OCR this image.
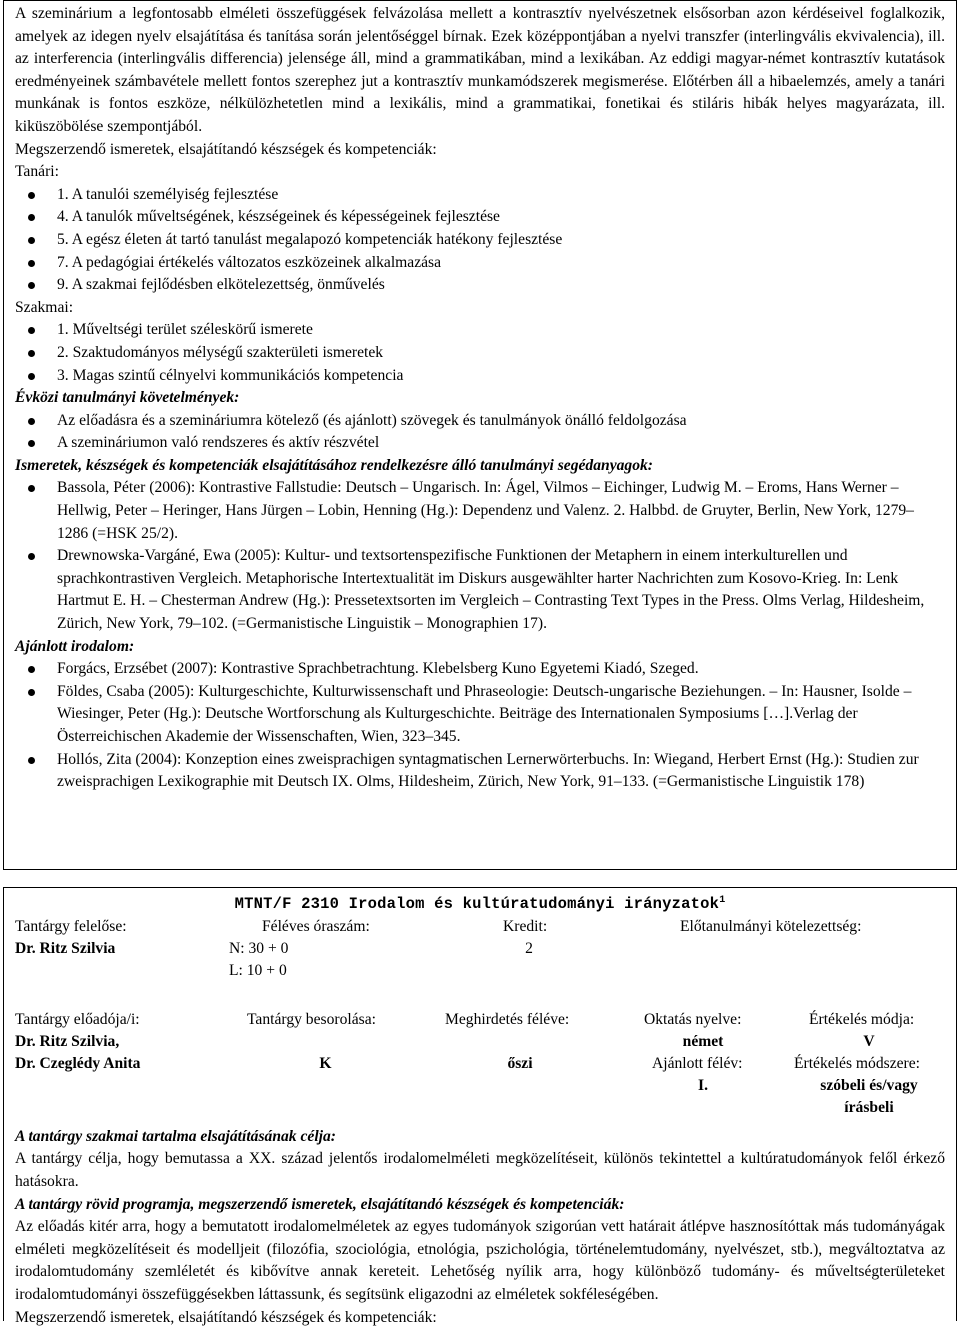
A szeminárium a legfontosabb elméleti összefüggések felvázolása mellett a kontrasztív nyelvészetnek elsősorban azon kérdéseivel foglalkozik, amelyek az idegen nyelv elsajátítása és tanítása során jelentőséggel bírnak. Ezek középpontjában a nyelvi transzfer (interlingvális ekvivalencia), ill. az interferencia (interlingvális differencia) jelensége áll, mind a grammatikában, mind a lexikában. Az eddigi magyar-német kontrasztív kutatások eredményeinek számbavétele mellett fontos szerephez jut a kontrasztív munkamódszerek megismerése. Előtérben áll a hibaelemzés, amely a tanári munkának is fontos eszköze, nélkülözhetetlen mind a lexikális, mind a grammatikai, fonetikai és stiláris hibák helyes magyarázata, ill. kiküszöbölése szempontjából.

Megszerzendő ismeretek, elsajátítandó készségek és kompetenciák:

Tanári:

1. A tanulói személyiség fejlesztése
4. A tanulók műveltségének, készségeinek és képességeinek fejlesztése
5. A egész életen át tartó tanulást megalapozó kompetenciák hatékony fejlesztése
7. A pedagógiai értékelés változatos eszközeinek alkalmazása
9. A szakmai fejlődésben elkötelezettség, önművelés

Szakmai:

1. Műveltségi terület széleskörű ismerete
2. Szaktudományos mélységű szakterületi ismeretek
3. Magas szintű célnyelvi kommunikációs kompetencia

Évközi tanulmányi követelmények:

Az előadásra és a szemináriumra kötelező (és ajánlott) szövegek és tanulmányok önálló feldolgozása
A szemináriumon való rendszeres és aktív részvétel

Ismeretek, készségek és kompetenciák elsajátításához rendelkezésre álló tanulmányi segédanyagok:

Bassola, Péter (2006): Kontrastive Fallstudie: Deutsch – Ungarisch. In: Ágel, Vilmos – Eichinger, Ludwig M. – Eroms, Hans Werner – Hellwig, Peter – Heringer, Hans Jürgen – Lobin, Henning (Hg.): Dependenz und Valenz. 2. Halbbd. de Gruyter, Berlin, New York, 1279–1286 (=HSK 25/2).
Drewnowska-Vargáné, Ewa (2005): Kultur- und textsortenspezifische Funktionen der Metaphern in einem interkulturellen und sprachkontrastiven Vergleich. Metaphorische Intertextualität im Diskurs ausgewählter harter Nachrichten zum Kosovo-Krieg. In: Lenk Hartmut E. H. – Chesterman Andrew (Hg.): Pressetextsorten im Vergleich – Contrasting Text Types in the Press. Olms Verlag, Hildesheim, Zürich, New York, 79–102. (=Germanistische Linguistik – Monographien 17).

Ajánlott irodalom:

Forgács, Erzsébet (2007): Kontrastive Sprachbetrachtung. Klebelsberg Kuno Egyetemi Kiadó, Szeged.
Földes, Csaba (2005): Kulturgeschichte, Kulturwissenschaft und Phraseologie: Deutsch-ungarische Beziehungen. – In: Hausner, Isolde – Wiesinger, Peter (Hg.): Deutsche Wortforschung als Kulturgeschichte. Beiträge des Internationalen Symposiums […].Verlag der Österreichischen Akademie der Wissenschaften, Wien, 323–345.
Hollós, Zita (2004): Konzeption eines zweisprachigen syntagmatischen Lernerwörterbuchs. In: Wiegand, Herbert Ernst (Hg.): Studien zur zweisprachigen Lexikographie mit Deutsch IX. Olms, Hildesheim, Zürich, New York, 91–133. (=Germanistische Linguistik 178)
MTNT/F 2310 Irodalom és kultúratudományi irányzatok$^1$
Tantárgy felelőse:
Dr. Ritz Szilvia
Féléves óraszám:
N: 30 + 0
L: 10 + 0
Kredit:
2
Előtanulmányi kötelezettség:
Tantárgy előadója/i:
Dr. Ritz Szilvia,
Dr. Czeglédy Anita
Tantárgy besorolása:
K
Meghirdetés féléve:
őszi
Oktatás nyelve:
német
Ajánlott félév:
I.
Értékelés módja:
V
Értékelés módszere:
szóbeli és/vagy
írásbeli

A tantárgy szakmai tartalma elsajátításának célja:

A tantárgy célja, hogy bemutassa a XX. század jelentős irodalomelméleti megközelítéseit, különös tekintettel a kultúratudományok felől érkező hatásokra.

A tantárgy rövid programja, megszerzendő ismeretek, elsajátítandó készségek és kompetenciák:

Az előadás kitér arra, hogy a bemutatott irodalomelméletek az egyes tudományok szigorúan vett határait átlépve hasznosítóttak más tudományágak elméleti megközelítéseit és modelljeit (filozófia, szociológia, etnológia, pszichológia, történelemtudomány, nyelvészet, stb.), megváltoztatva az irodalomtudomány szemléletét és kibővítve annak kereteit. Lehetőség nyílik arra, hogy különböző tudomány- és műveltségterületeket irodalomtudományi összefüggésekben láttassunk, és segítsünk eligazodni az elméletek sokféleségében.

Megszerzendő ismeretek, elsajátítandó készségek és kompetenciák:
